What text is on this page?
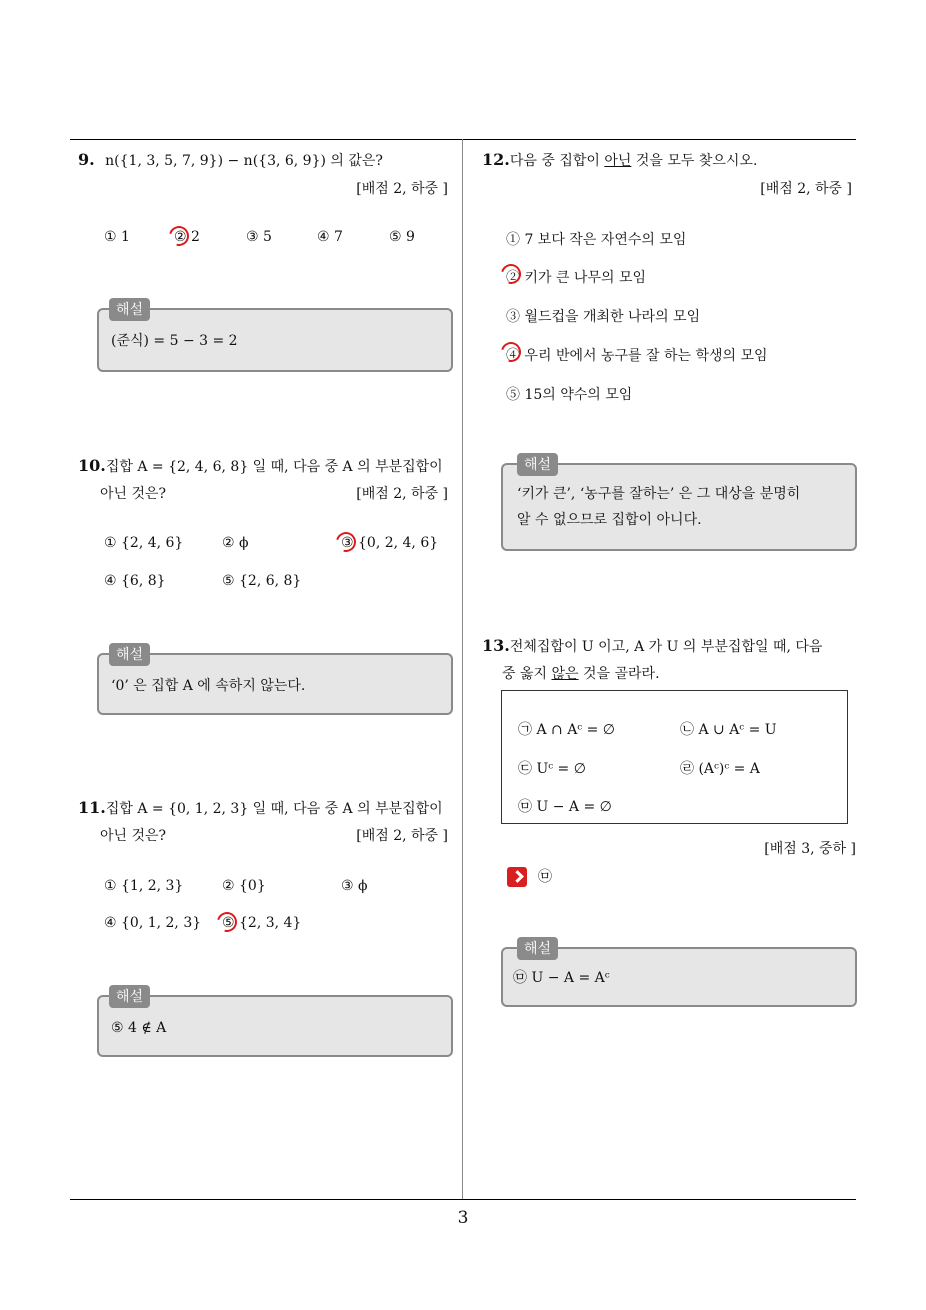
9. n({1, 3, 5, 7, 9}) − n({3, 6, 9}) 의 값은?
[배점 2, 하중 ]
① 1	② 2	③ 5	④ 7	⑤ 9
해설
(준식) = 5 − 3 = 2
10.집합 A = {2, 4, 6, 8} 일 때, 다음 중 A 의 부분집합이
아닌 것은?	[배점 2, 하중 ]
① {2, 4, 6}	② ϕ	③ {0, 2, 4, 6}
④ {6, 8}	⑤ {2, 6, 8}
해설
‘0’ 은 집합 A 에 속하지 않는다.
11.집합 A = {0, 1, 2, 3} 일 때, 다음 중 A 의 부분집합이
아닌 것은?	[배점 2, 하중 ]
① {1, 2, 3}	② {0}	③ ϕ
④ {0, 1, 2, 3} ⑤ {2, 3, 4}
해설
⑤ 4 ∉ A
12.다음 중 집합이 아닌 것을 모두 찾으시오.
[배점 2, 하중 ]
① 7 보다 작은 자연수의 모임
② 키가 큰 나무의 모임
③ 월드컵을 개최한 나라의 모임
④ 우리 반에서 농구를 잘 하는 학생의 모임
⑤ 15의 약수의 모임
해설
‘키가 큰’, ‘농구를 잘하는’ 은 그 대상을 분명히
알 수 없으므로 집합이 아니다.
13.전체집합이 U 이고, A 가 U 의 부분집합일 때, 다음
중 옳지 않은 것을 골라라.
㉠ A ∩ Aᶜ = ∅	㉡ A ∪ Aᶜ = U
㉢ Uᶜ = ∅	㉣ (Aᶜ)ᶜ = A
㉤ U − A = ∅
[배점 3, 중하 ]
㉤
해설
㉤ U − A = Aᶜ
3
